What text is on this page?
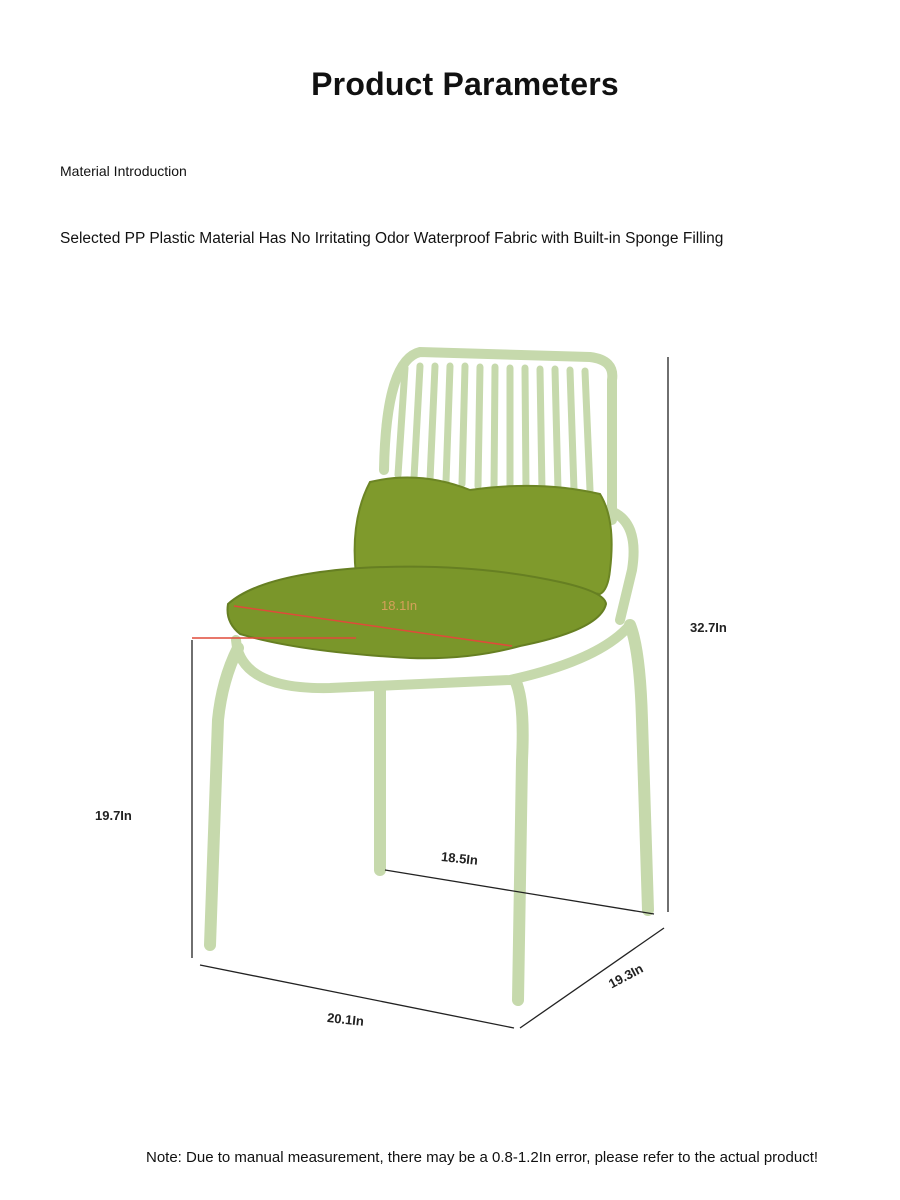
Product Parameters
Material Introduction
Selected PP Plastic Material Has No Irritating Odor Waterproof Fabric with Built-in Sponge Filling
18.1In
32.7In
19.7In
18.5In
19.3In
20.1In
Note: Due to manual measurement, there may be a 0.8-1.2In error, please refer to the actual product!
